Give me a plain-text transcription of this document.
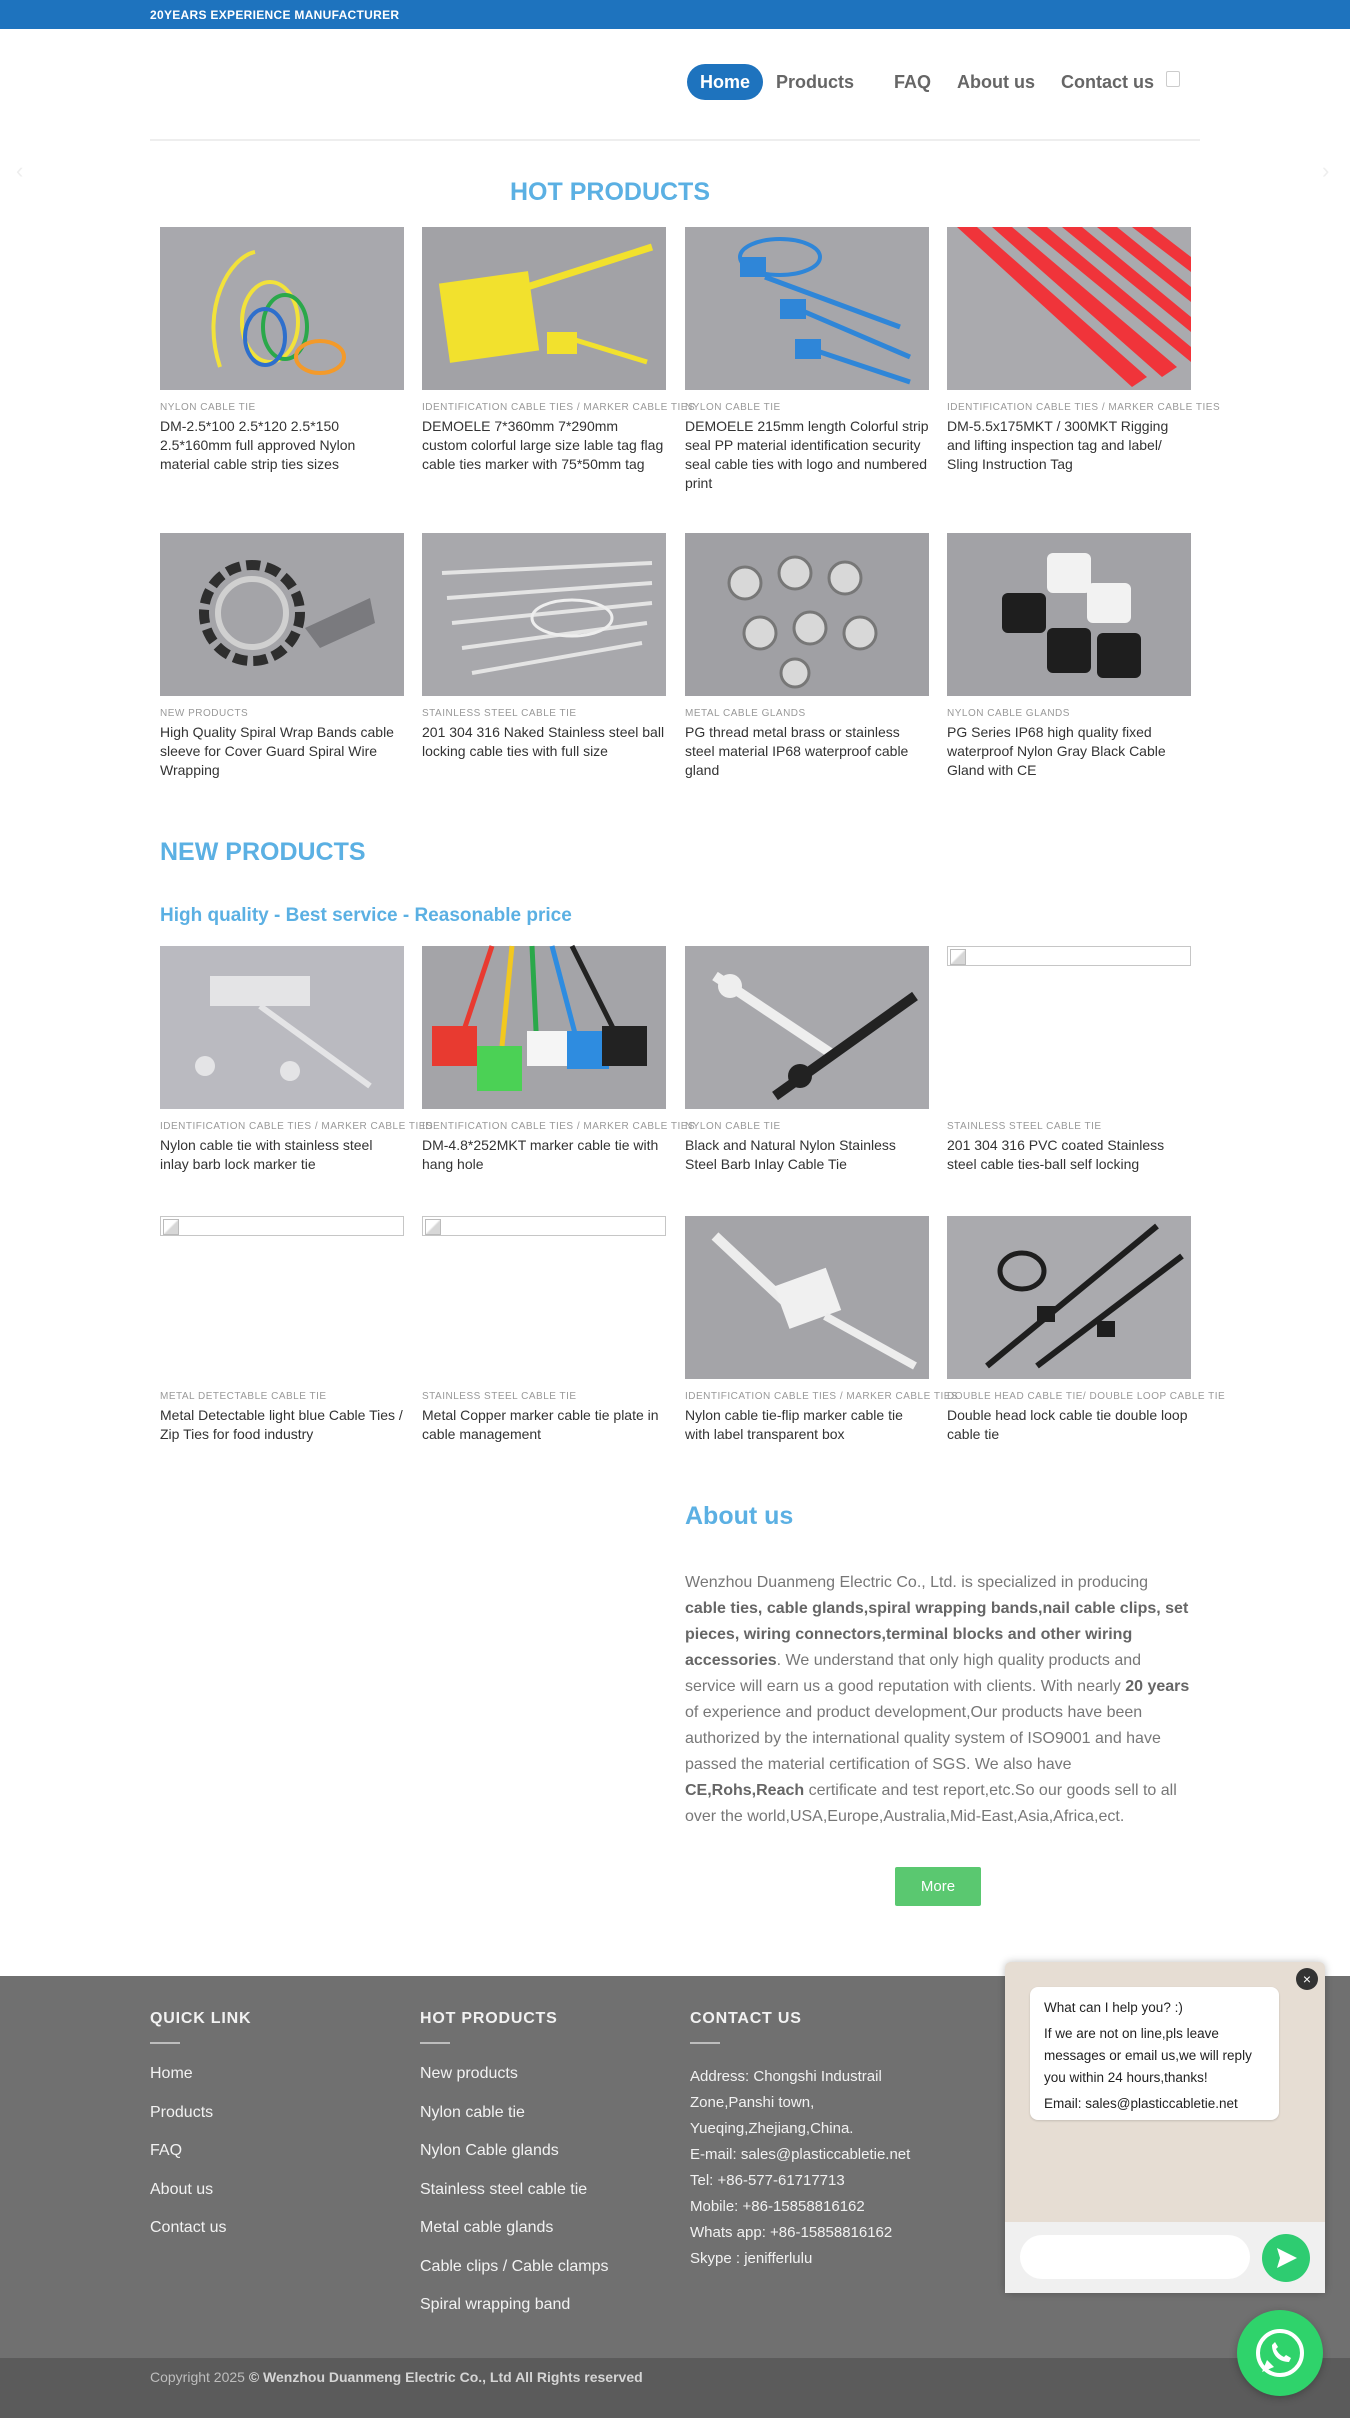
20YEARS EXPERIENCE MANUFACTURER
Home	Products	FAQ	About us	Contact us
‹	›
HOT PRODUCTS
NYLON CABLE TIE
DM-2.5*100 2.5*120 2.5*150 2.5*160mm full approved Nylon material cable strip ties sizes
IDENTIFICATION CABLE TIES / MARKER CABLE TIES
DEMOELE 7*360mm 7*290mm custom colorful large size lable tag flag cable ties marker with 75*50mm tag
NYLON CABLE TIE
DEMOELE 215mm length Colorful strip seal PP material identification security seal cable ties with logo and numbered print
IDENTIFICATION CABLE TIES / MARKER CABLE TIES
DM-5.5x175MKT / 300MKT Rigging and lifting inspection tag and label/ Sling Instruction Tag
NEW PRODUCTS
High Quality Spiral Wrap Bands cable sleeve for Cover Guard Spiral Wire Wrapping
STAINLESS STEEL CABLE TIE
201 304 316 Naked Stainless steel ball locking cable ties with full size
METAL CABLE GLANDS
PG thread metal brass or stainless steel material IP68 waterproof cable gland
NYLON CABLE GLANDS
PG Series IP68 high quality fixed waterproof Nylon Gray Black Cable Gland with CE
NEW PRODUCTS
High quality - Best service - Reasonable price
IDENTIFICATION CABLE TIES / MARKER CABLE TIES
Nylon cable tie with stainless steel inlay barb lock marker tie
IDENTIFICATION CABLE TIES / MARKER CABLE TIES
DM-4.8*252MKT marker cable tie with hang hole
NYLON CABLE TIE
Black and Natural Nylon Stainless Steel Barb Inlay Cable Tie
STAINLESS STEEL CABLE TIE
201 304 316 PVC coated Stainless steel cable ties-ball self locking
METAL DETECTABLE CABLE TIE
Metal Detectable light blue Cable Ties / Zip Ties for food industry
STAINLESS STEEL CABLE TIE
Metal Copper marker cable tie plate in cable management
IDENTIFICATION CABLE TIES / MARKER CABLE TIES
Nylon cable tie-flip marker cable tie with label transparent box
DOUBLE HEAD CABLE TIE/ DOUBLE LOOP CABLE TIE
Double head lock cable tie double loop cable tie
About us
Wenzhou Duanmeng Electric Co., Ltd. is specialized in producing cable ties, cable glands,spiral wrapping bands,nail cable clips, set pieces, wiring connectors,terminal blocks and other wiring accessories. We understand that only high quality products and service will earn us a good reputation with clients. With nearly 20 years of experience and product development,Our products have been authorized by the international quality system of ISO9001 and have passed the material certification of SGS. We also have CE,Rohs,Reach certificate and test report,etc.So our goods sell to all over the world,USA,Europe,Australia,Mid-East,Asia,Africa,ect.
More
QUICK LINK
Home
Products
FAQ
About us
Contact us
HOT PRODUCTS
New products
Nylon cable tie
Nylon Cable glands
Stainless steel cable tie
Metal cable glands
Cable clips / Cable clamps
Spiral wrapping band
CONTACT US
Address: Chongshi Industrail
Zone,Panshi town,
Yueqing,Zhejiang,China.
E-mail: sales@plasticcabletie.net
Tel: +86-577-61717713
Mobile: +86-15858816162
Whats app: +86-15858816162
Skype : jenifferlulu
Copyright 2025 © Wenzhou Duanmeng Electric Co., Ltd All Rights reserved

What can I help you? :)

If we are not on line,pls leave messages or email us,we will reply you within 24 hours,thanks!

Email: sales@plasticcabletie.net

×
